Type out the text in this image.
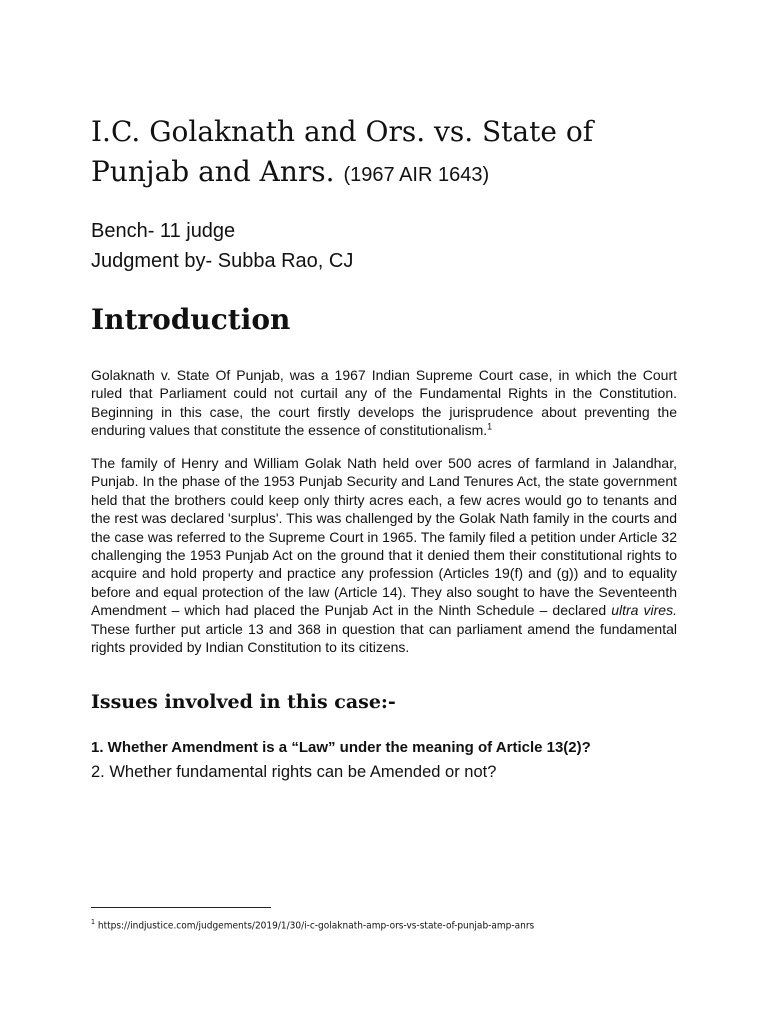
I.C. Golaknath and Ors. vs. State of Punjab and Anrs. (1967 AIR 1643)
Bench- 11 judge
Judgment by- Subba Rao, CJ
Introduction

Golaknath v. State Of Punjab, was a 1967 Indian Supreme Court case, in which the Court ruled that Parliament could not curtail any of the Fundamental Rights in the Constitution. Beginning in this case, the court firstly develops the jurisprudence about preventing the enduring values that constitute the essence of constitutionalism.$^1$

The family of Henry and William Golak Nath held over 500 acres of farmland in Jalandhar, Punjab. In the phase of the 1953 Punjab Security and Land Tenures Act, the state government held that the brothers could keep only thirty acres each, a few acres would go to tenants and the rest was declared 'surplus'. This was challenged by the Golak Nath family in the courts and the case was referred to the Supreme Court in 1965. The family filed a petition under Article 32 challenging the 1953 Punjab Act on the ground that it denied them their constitutional rights to acquire and hold property and practice any profession (Articles 19(f) and (g)) and to equality before and equal protection of the law (Article 14). They also sought to have the Seventeenth Amendment – which had placed the Punjab Act in the Ninth Schedule – declared ultra vires. These further put article 13 and 368 in question that can parliament amend the fundamental rights provided by Indian Constitution to its citizens.

Issues involved in this case:-
1. Whether Amendment is a “Law” under the meaning of Article 13(2)?
2. Whether fundamental rights can be Amended or not?
$^1$ https://indjustice.com/judgements/2019/1/30/i-c-golaknath-amp-ors-vs-state-of-punjab-amp-anrs
